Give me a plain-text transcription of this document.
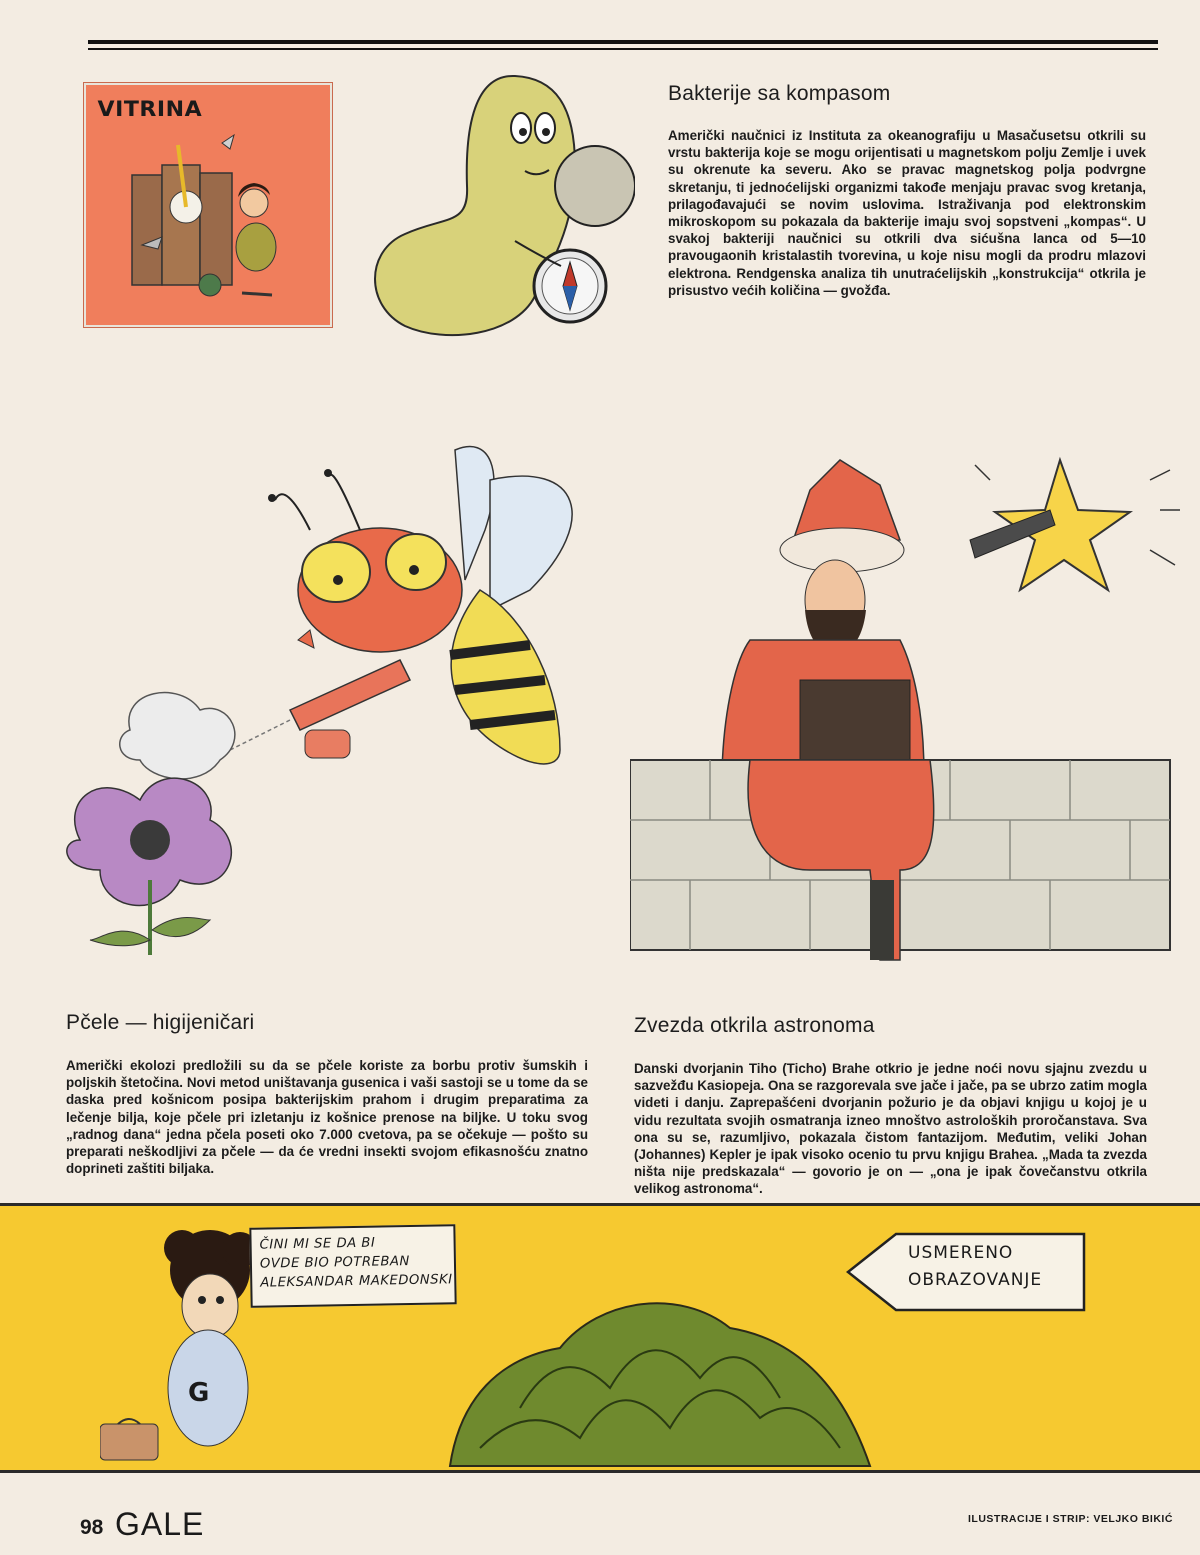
VITRINA
Bakterije sa kompasom
Američki naučnici iz Instituta za okeanografiju u Masačusetsu otkrili su vrstu bakterija koje se mogu orijentisati u magnetskom polju Zemlje i uvek su okrenute ka severu. Ako se pravac magnetskog polja podvrgne skretanju, ti jednoćelijski organizmi takođe menjaju pravac svog kretanja, prilagođavajući se novim uslovima. Istraživanja pod elektronskim mikroskopom su pokazala da bakterije imaju svoj sopstveni „kompas“. U svakoj bakteriji naučnici su otkrili dva sićušna lanca od 5—10 pravougaonih kristalastih tvorevina, u koje nisu mogli da prodru mlazovi elektrona. Rendgenska analiza tih unutraćelijskih „konstrukcija“ otkrila je prisustvo većih količina — gvožđa.
Pčele — higijeničari
Američki ekolozi predložili su da se pčele koriste za borbu protiv šumskih i poljskih štetočina. Novi metod uništavanja gusenica i vaši sastoji se u tome da se daska pred košnicom posipa bakterijskim prahom i drugim preparatima za lečenje bilja, koje pčele pri izletanju iz košnice prenose na biljke. U toku svog „radnog dana“ jedna pčela poseti oko 7.000 cvetova, pa se očekuje — pošto su preparati neškodljivi za pčele — da će vredni insekti svojom efikasnošću znatno doprineti zaštiti biljaka.
Zvezda otkrila astronoma
Danski dvorjanin Tiho (Ticho) Brahe otkrio je jedne noći novu sjajnu zvezdu u sazvežđu Kasiopeja. Ona se razgorevala sve jače i jače, pa se ubrzo zatim mogla videti i danju. Zaprepašćeni dvorjanin požurio je da objavi knjigu u kojoj je u vidu rezultata svojih osmatranja izneo mnoštvo astroloških proročanstava. Sva ona su se, razumljivo, pokazala čistom fantazijom. Međutim, veliki Johan (Johannes) Kepler je ipak visoko ocenio tu prvu knjigu Brahea. „Mada ta zvezda ništa nije predskazala“ — govorio je on — „ona je ipak čovečanstvu otkrila velikog astronoma“.
G
ČINI MI SE DA BI
OVDE BIO POTREBAN
ALEKSANDAR MAKEDONSKI
USMERENO
OBRAZOVANJE
98 GALE	ILUSTRACIJE I STRIP: VELJKO BIKIĆ
